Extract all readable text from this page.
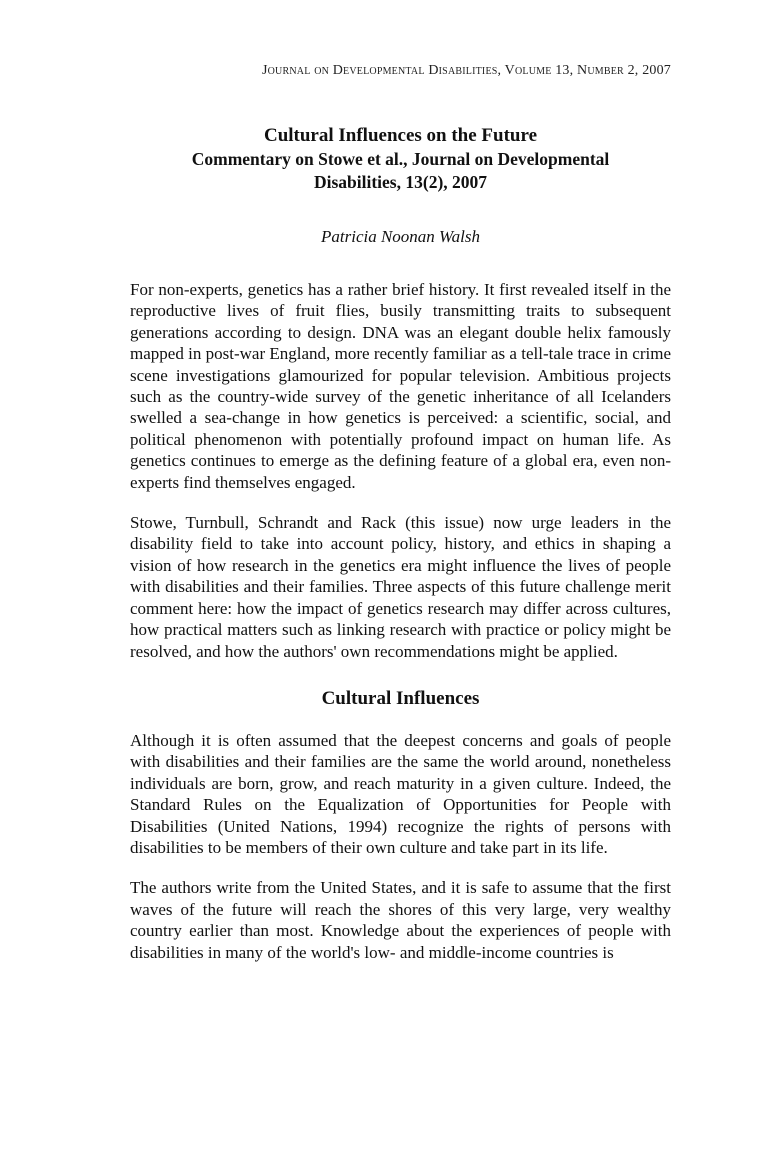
Journal on Developmental Disabilities, Volume 13, Number 2, 2007

Cultural Influences on the Future

Commentary on Stowe et al., Journal on Developmental Disabilities, 13(2), 2007

Patricia Noonan Walsh

For non-experts, genetics has a rather brief history. It first revealed itself in the reproductive lives of fruit flies, busily transmitting traits to subsequent generations according to design. DNA was an elegant double helix famously mapped in post-war England, more recently familiar as a tell-tale trace in crime scene investigations glamourized for popular television. Ambitious projects such as the country-wide survey of the genetic inheritance of all Icelanders swelled a sea-change in how genetics is perceived: a scientific, social, and political phenomenon with potentially profound impact on human life. As genetics continues to emerge as the defining feature of a global era, even non-experts find themselves engaged.

Stowe, Turnbull, Schrandt and Rack (this issue) now urge leaders in the disability field to take into account policy, history, and ethics in shaping a vision of how research in the genetics era might influence the lives of people with disabilities and their families. Three aspects of this future challenge merit comment here: how the impact of genetics research may differ across cultures, how practical matters such as linking research with practice or policy might be resolved, and how the authors' own recommendations might be applied.

Cultural Influences

Although it is often assumed that the deepest concerns and goals of people with disabilities and their families are the same the world around, nonetheless individuals are born, grow, and reach maturity in a given culture. Indeed, the Standard Rules on the Equalization of Opportunities for People with Disabilities (United Nations, 1994) recognize the rights of persons with disabilities to be members of their own culture and take part in its life.

The authors write from the United States, and it is safe to assume that the first waves of the future will reach the shores of this very large, very wealthy country earlier than most. Knowledge about the experiences of people with disabilities in many of the world's low- and middle-income countries is
